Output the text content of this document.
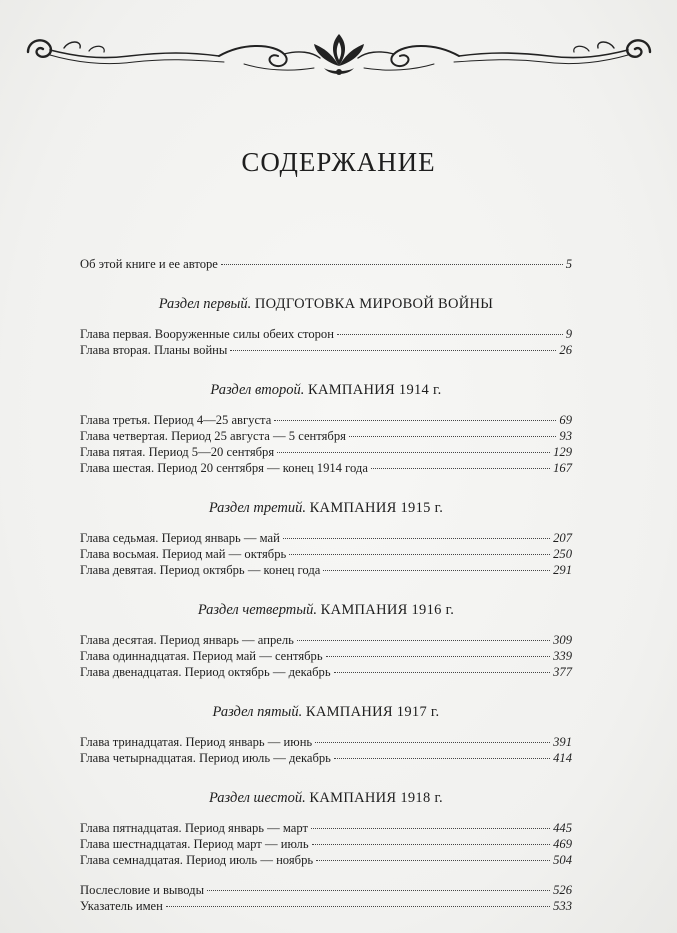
СОДЕРЖАНИЕ
Об этой книге и ее авторе	5
Раздел первый. ПОДГОТОВКА МИРОВОЙ ВОЙНЫ
Глава первая. Вооруженные силы обеих сторон	9
Глава вторая. Планы войны	26
Раздел второй. КАМПАНИЯ 1914 г.
Глава третья. Период 4—25 августа	69
Глава четвертая. Период 25 августа — 5 сентября	93
Глава пятая. Период 5—20 сентября	129
Глава шестая. Период 20 сентября — конец 1914 года	167
Раздел третий. КАМПАНИЯ 1915 г.
Глава седьмая. Период январь — май	207
Глава восьмая. Период май — октябрь	250
Глава девятая. Период октябрь — конец года	291
Раздел четвертый. КАМПАНИЯ 1916 г.
Глава десятая. Период январь — апрель	309
Глава одиннадцатая. Период май — сентябрь	339
Глава двенадцатая. Период октябрь — декабрь	377
Раздел пятый. КАМПАНИЯ 1917 г.
Глава тринадцатая. Период январь — июнь	391
Глава четырнадцатая. Период июль — декабрь	414
Раздел шестой. КАМПАНИЯ 1918 г.
Глава пятнадцатая. Период январь — март	445
Глава шестнадцатая. Период март — июль	469
Глава семнадцатая. Период июль — ноябрь	504
Послесловие и выводы	526
Указатель имен	533
